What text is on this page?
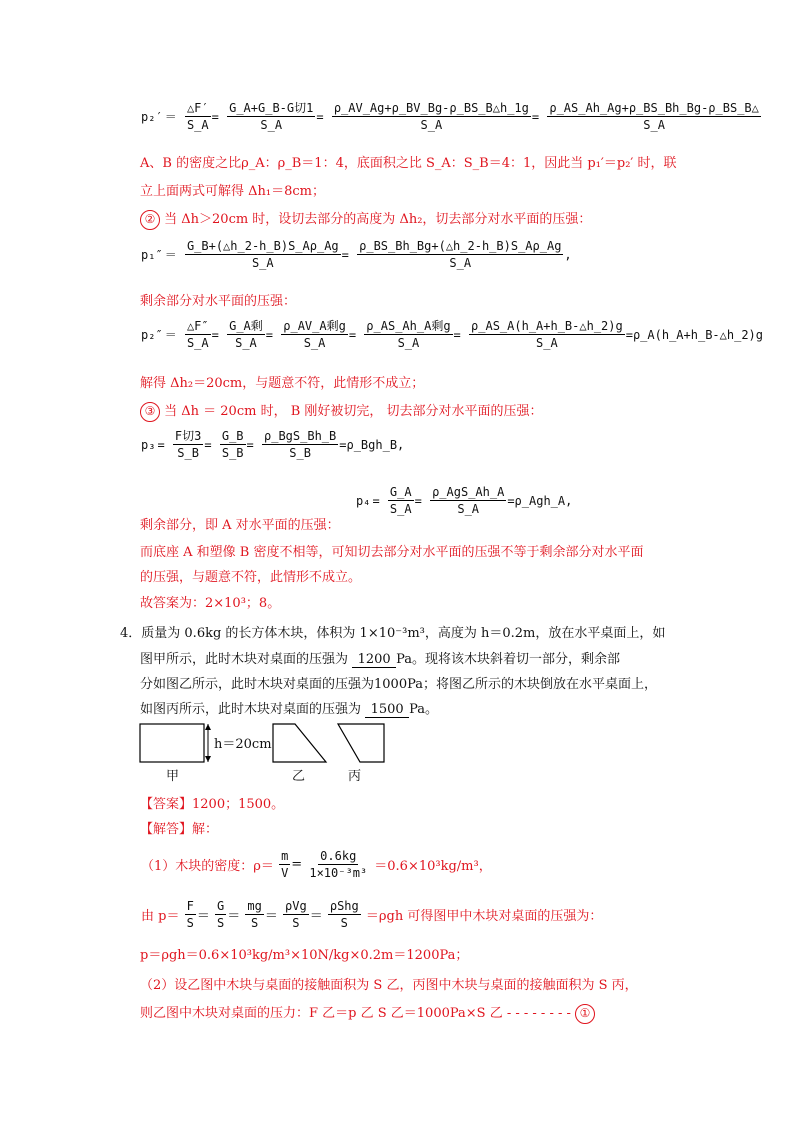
$p_2' = \frac{\triangle F'}{S\_A} = \frac{\text{G\_A+G\_B-G切1}}{S\_A} = \frac{\rho\_AV\_Ag+\rho\_BV\_Bg-\rho\_BS\_B\triangle h\_1g}{S\_A} = \frac{\rho\_AS\_Ah\_Ag+\rho\_BS\_Bh\_Bg-\rho\_BS\_B\triangle}{S\_A}$
A、B 的密度之比ρ_A：ρ_B＝1：4，底面积之比 S_A：S_B＝4：1，因此当 p₁′＝p₂′ 时，联
立上面两式可解得 Δh₁＝8cm；
② 当 Δh＞20cm 时，设切去部分的高度为 Δh₂，切去部分对水平面的压强：
$p_1'' = \frac{G\_B+(\triangle h\_2-h\_B)S\_A\rho\_Ag}{S\_A} = \frac{\rho\_BS\_Bh\_Bg+(\triangle h\_2-h\_B)S\_A\rho\_Ag}{S\_A}$ ,
剩余部分对水平面的压强：
$p_2'' = \frac{\triangle F''}{S\_A} = \frac{\text{G\_A剩}}{S\_A} = \frac{\text{ρ\_AV\_A剩g}}{S\_A} = \frac{\text{ρ\_AS\_Ah\_A剩g}}{S\_A} = \frac{\rho\_AS\_A(h\_A+h\_B-\triangle h\_2)g}{S\_A}$ =ρ_A(h_A+h_B-△h_2)g
解得 Δh₂＝20cm，与题意不符，此情形不成立；
③ 当 Δh ＝ 20cm 时， B 刚好被切完， 切去部分对水平面的压强：
$p_3 = \frac{\text{F切3}}{S\_B} = \frac{G\_B}{S\_B} = \frac{\text{ρ\_BgS\_Bh\_B}}{S\_B}$ =ρ_Bgh_B,
$p_4 = \frac{G\_A}{S\_A} = \frac{\text{ρ\_AgS\_Ah\_A}}{S\_A}$ =ρ_Agh_A,
剩余部分，即 A 对水平面的压强：
而底座 A 和塑像 B 密度不相等，可知切去部分对水平面的压强不等于剩余部分对水平面
的压强，与题意不符，此情形不成立。
故答案为：2×10³；8。
4．质量为 0.6kg 的长方体木块，体积为 1×10⁻³m³，高度为 h＝0.2m，放在水平桌面上，如
图甲所示，此时木块对桌面的压强为 1200 Pa。现将该木块斜着切一部分，剩余部
分如图乙所示，此时木块对桌面的压强为1000Pa；将图乙所示的木块倒放在水平桌面上，
如图丙所示，此时木块对桌面的压强为 1500 Pa。
h＝20cm
甲	乙	丙
【答案】1200；1500。
【解答】解：
（1）木块的密度：$\rho= \frac{m}{V} = \frac{0.6kg}{\text{1×10⁻³m³}} =0.6\times 10^3kg/m^3$，
由 $p= \frac{F}{S} = \frac{G}{S} = \frac{mg}{S} = \frac{\text{ρVg}}{S} = \frac{\text{ρShg}}{S} =\rho gh$ 可得图甲中木块对桌面的压强为：
p＝ρgh＝0.6×10³kg/m³×10N/kg×0.2m＝1200Pa；
（2）设乙图中木块与桌面的接触面积为 S 乙，丙图中木块与桌面的接触面积为 S 丙，
则乙图中木块对桌面的压力：F 乙＝p 乙 S 乙＝1000Pa×S 乙 - - - - - - - - ①
